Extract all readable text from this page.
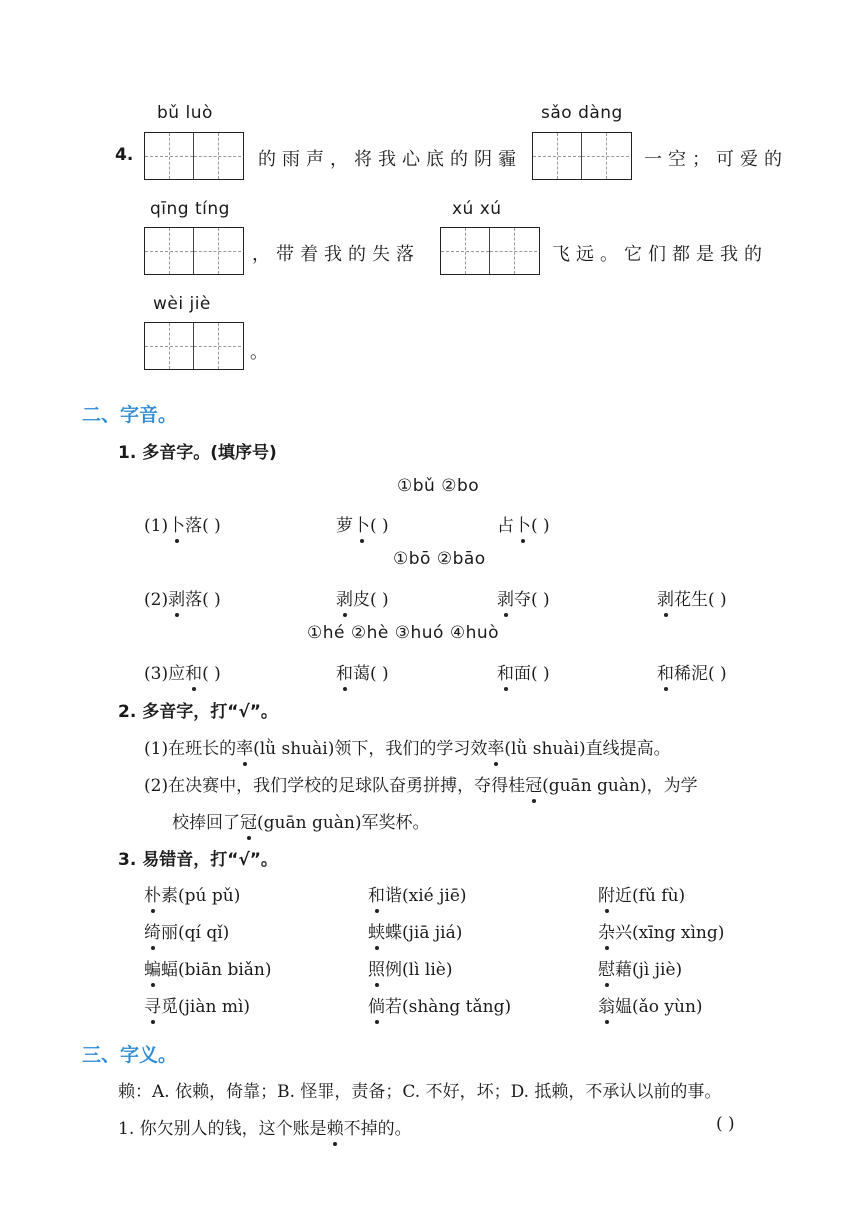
bǔ luò	sǎo dàng
4.	的雨声，将我心底的阴霾	一空；可爱的
qīng tíng	xú xú
，带着我的失落	飞远。它们都是我的
wèi jiè
。
二、字音。
1. 多音字。(填序号)
①bǔ ②bo
(1)卜落( )	萝卜( )	占卜( )
①bō ②bāo
(2)剥落( )	剥皮( )	剥夺( )	剥花生( )
①hé ②hè ③huó ④huò
(3)应和( )	和蔼( )	和面( )	和稀泥( )
2. 多音字，打“√”。
(1)在班长的率(lǜ shuài)领下，我们的学习效率(lǜ shuài)直线提高。
(2)在决赛中，我们学校的足球队奋勇拼搏，夺得桂冠(guān guàn)，为学
校捧回了冠(guān guàn)军奖杯。
3. 易错音，打“√”。
朴素(pú pǔ)	和谐(xié jiē)	附近(fǔ fù)
绮丽(qí qǐ)	蛱蝶(jiā jiá)	杂兴(xīng xìng)
蝙蝠(biān biǎn)	照例(lì liè)	慰藉(jì jiè)
寻觅(jiàn mì)	倘若(shàng tǎng)	翁媪(ǎo yùn)
三、字义。
赖：A. 依赖，倚靠；B. 怪罪，责备；C. 不好，坏；D. 抵赖，不承认以前的事。
1. 你欠别人的钱，这个账是赖不掉的。	( )
